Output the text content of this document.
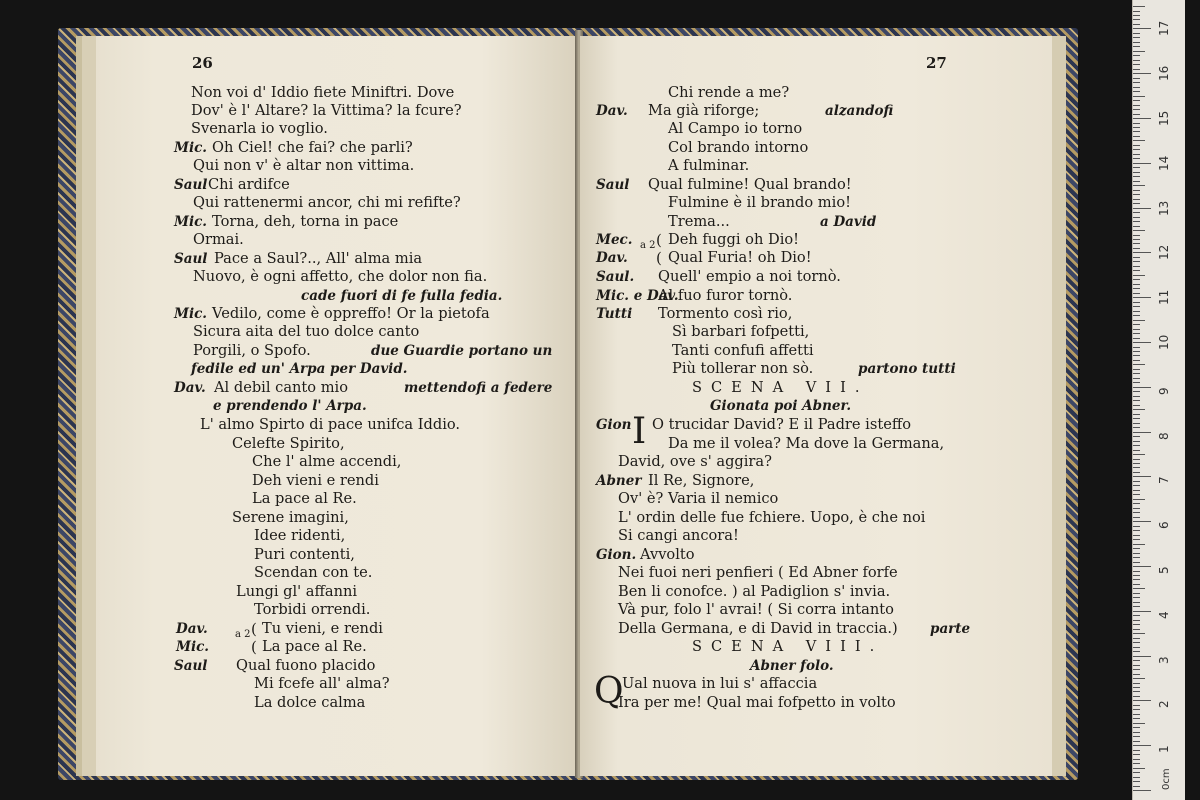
26
Non voi d' Iddio fiete Miniftri. Dove
Dov' è l' Altare? la Vittima? la fcure?
Svenarla io voglio.
Mic. Oh Ciel! che fai? che parli?
Qui non v' è altar non vittima.
Saul Chi ardifce
Qui rattenermi ancor, chi mi refifte?
Mic. Torna, deh, torna in pace
Ormai.
Saul Pace a Saul?.., All' alma mia
Nuovo, è ogni affetto, che dolor non fia.
Mic. Vedilo, come è oppreffo! Or la pietofa
Sicura aita del tuo dolce canto
Porgili, o Spofo.
Dav. Al debil canto mio
L' almo Spirto di pace unifca Iddio.
Celefte Spirito,
Che l' alme accendi,
Deh vieni e rendi
La pace al Re.
Serene imagini,
Idee ridenti,
Puri contenti,
Scendan con te.
Lungi gl' affanni
Torbidi orrendi.
Saul Qual fuono placido
Mi fcefe all' alma?
La dolce calma
cade fuori di fe fulla fedia.
due Guardie portano un
fedile ed un' Arpa per David.
mettendofi a federe
e prendendo l' Arpa.
Dav.
Mic.
a 2 (
(
Tu vieni, e rendi
La pace al Re.
27
Chi rende a me?
Dav. Ma già riforge;
Al Campo io torno
Col brando intorno
A fulminar.
Saul Qual fulmine! Qual brando!
Fulmine è il brando mio!
Trema...
Saul. Quell' empio a noi tornò.
Mic. e Dav.
Al fuo furor tornò.
Tutti Tormento così rio,
Sì barbari fofpetti,
Tanti confufi affetti
Più tollerar non sò.
Da me il volea? Ma dove la Germana,
David, ove s' aggira?
Abner Il Re, Signore,
Ov' è? Varia il nemico
L' ordin delle fue fchiere. Uopo, è che noi
Si cangi ancora!
Gion. Avvolto
Nei fuoi neri penfieri ( Ed Abner forfe
Ben li conofce. ) al Padiglion s' invia.
Và pur, folo l' avrai! ( Si corra intanto
Della Germana, e di David in traccia.)
Ira per me! Qual mai fofpetto in volto
alzandofi
a David
partono tutti
Gionata poi Abner.
parte
Abner folo.
SCENA VII.
SCENA VIII.
Mec.
Dav.
a 2 (
(
Deh fuggi oh Dio!
Qual Furia! oh Dio!
Gion I O trucidar David? E il Padre isteffo
Q
Ual nuova in lui s' affaccia
0cm
1
2
3
4
5
6
7
8
9
10
11
12
13
14
15
16
17
